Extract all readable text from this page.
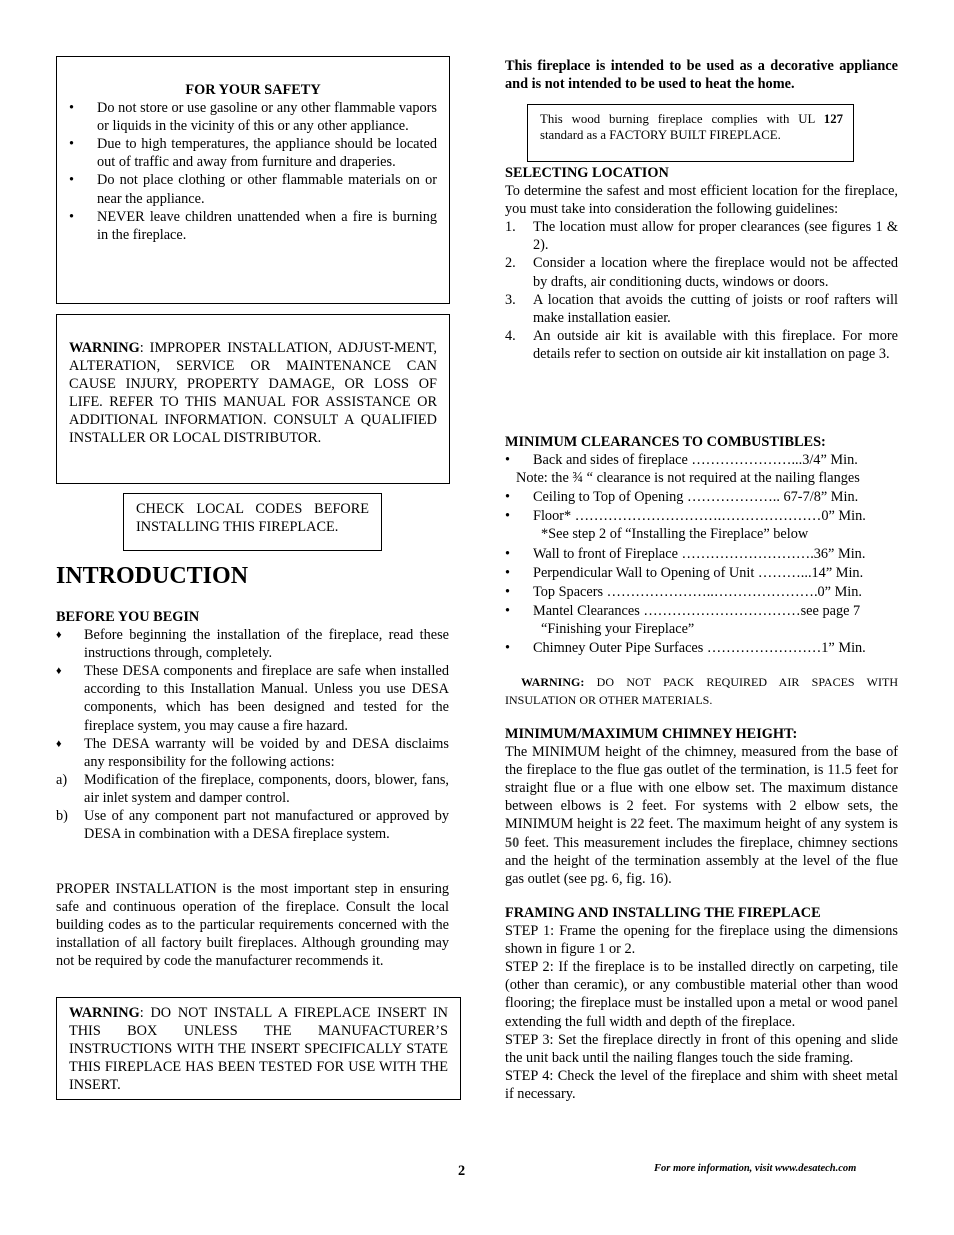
FOR YOUR SAFETY
•
Do not store or use gasoline or any other flammable vapors or liquids in the vicinity of this or any other appliance.
•
Due to high temperatures, the appliance should be located out of traffic and away from furniture and draperies.
•
Do not place clothing or other flammable materials on or near the appliance.
•
NEVER leave children unattended when a fire is burning in the fireplace.
WARNING: IMPROPER INSTALLATION, ADJUST-MENT, ALTERATION, SERVICE OR MAINTENANCE CAN CAUSE INJURY, PROPERTY DAMAGE, OR LOSS OF LIFE. REFER TO THIS MANUAL FOR ASSISTANCE OR ADDITIONAL INFORMATION. CONSULT A QUALIFIED INSTALLER OR LOCAL DISTRIBUTOR.
CHECK LOCAL CODES BEFORE INSTALLING THIS FIREPLACE.
INTRODUCTION
BEFORE YOU BEGIN
♦	Before beginning the installation of the fireplace, read these instructions through, completely.
♦	These DESA components and fireplace are safe when installed according to this Installation Manual. Unless you use DESA components, which has been designed and tested for the fireplace system, you may cause a fire hazard.
♦	The DESA warranty will be voided by and DESA disclaims any responsibility for the following actions:
a)	Modification of the fireplace, components, doors, blower, fans, air inlet system and damper control.
b)	Use of any component part not manufactured or approved by DESA in combination with a DESA fireplace system.
PROPER INSTALLATION is the most important step in ensuring safe and continuous operation of the fireplace. Consult the local building codes as to the particular requirements concerned with the installation of all factory built fireplaces. Although grounding may not be required by code the manufacturer recommends it.
WARNING: DO NOT INSTALL A FIREPLACE INSERT IN THIS BOX UNLESS THE MANUFACTURER’S INSTRUCTIONS WITH THE INSERT SPECIFICALLY STATE THIS FIREPLACE HAS BEEN TESTED FOR USE WITH THE INSERT.
This fireplace is intended to be used as a decorative appliance and is not intended to be used to heat the home.
This wood burning fireplace complies with UL 127 standard as a FACTORY BUILT FIREPLACE.
SELECTING LOCATION

To determine the safest and most efficient location for the fireplace, you must take into consideration the following guidelines:

1. The location must allow for proper clearances (see figures 1 & 2).
2. Consider a location where the fireplace would not be affected by drafts, air conditioning ducts, windows or doors.
3. A location that avoids the cutting of joists or roof rafters will make installation easier.
4. An outside air kit is available with this fireplace. For more details refer to section on outside air kit installation on page 3.
MINIMUM CLEARANCES TO COMBUSTIBLES:
•
Back and sides of fireplace …………………...3/4” Min.
Note: the ¾ “ clearance is not required at the nailing flanges
•
Ceiling to Top of Opening ……………….. 67-7/8” Min.
•
Floor* ………………………….…………………0” Min.
*See step 2 of “Installing the Fireplace” below
•
Wall to front of Fireplace ……………………….36” Min.
•
Perpendicular Wall to Opening of Unit ………...14” Min.
•
Top Spacers …………………..………………….0” Min.
•
Mantel Clearances ……………………………see page 7
“Finishing your Fireplace”
•
Chimney Outer Pipe Surfaces ……………………1” Min.
WARNING: DO NOT PACK REQUIRED AIR SPACES WITH INSULATION OR OTHER MATERIALS.
MINIMUM/MAXIMUM CHIMNEY HEIGHT:

The MINIMUM height of the chimney, measured from the base of the fireplace to the flue gas outlet of the termination, is 11.5 feet for straight flue or a flue with one elbow set. The maximum distance between elbows is 2 feet. For systems with 2 elbow sets, the MINIMUM height is 22 feet. The maximum height of any system is 50 feet. This measurement includes the fireplace, chimney sections and the height of the termination assembly at the level of the flue gas outlet (see pg. 6, fig. 16).

FRAMING AND INSTALLING THE FIREPLACE

STEP 1: Frame the opening for the fireplace using the dimensions shown in figure 1 or 2.

STEP 2: If the fireplace is to be installed directly on carpeting, tile (other than ceramic), or any combustible material other than wood flooring; the fireplace must be installed upon a metal or wood panel extending the full width and depth of the fireplace.

STEP 3: Set the fireplace directly in front of this opening and slide the unit back until the nailing flanges touch the side framing.

STEP 4: Check the level of the fireplace and shim with sheet metal if necessary.

2	For more information, visit www.desatech.com
